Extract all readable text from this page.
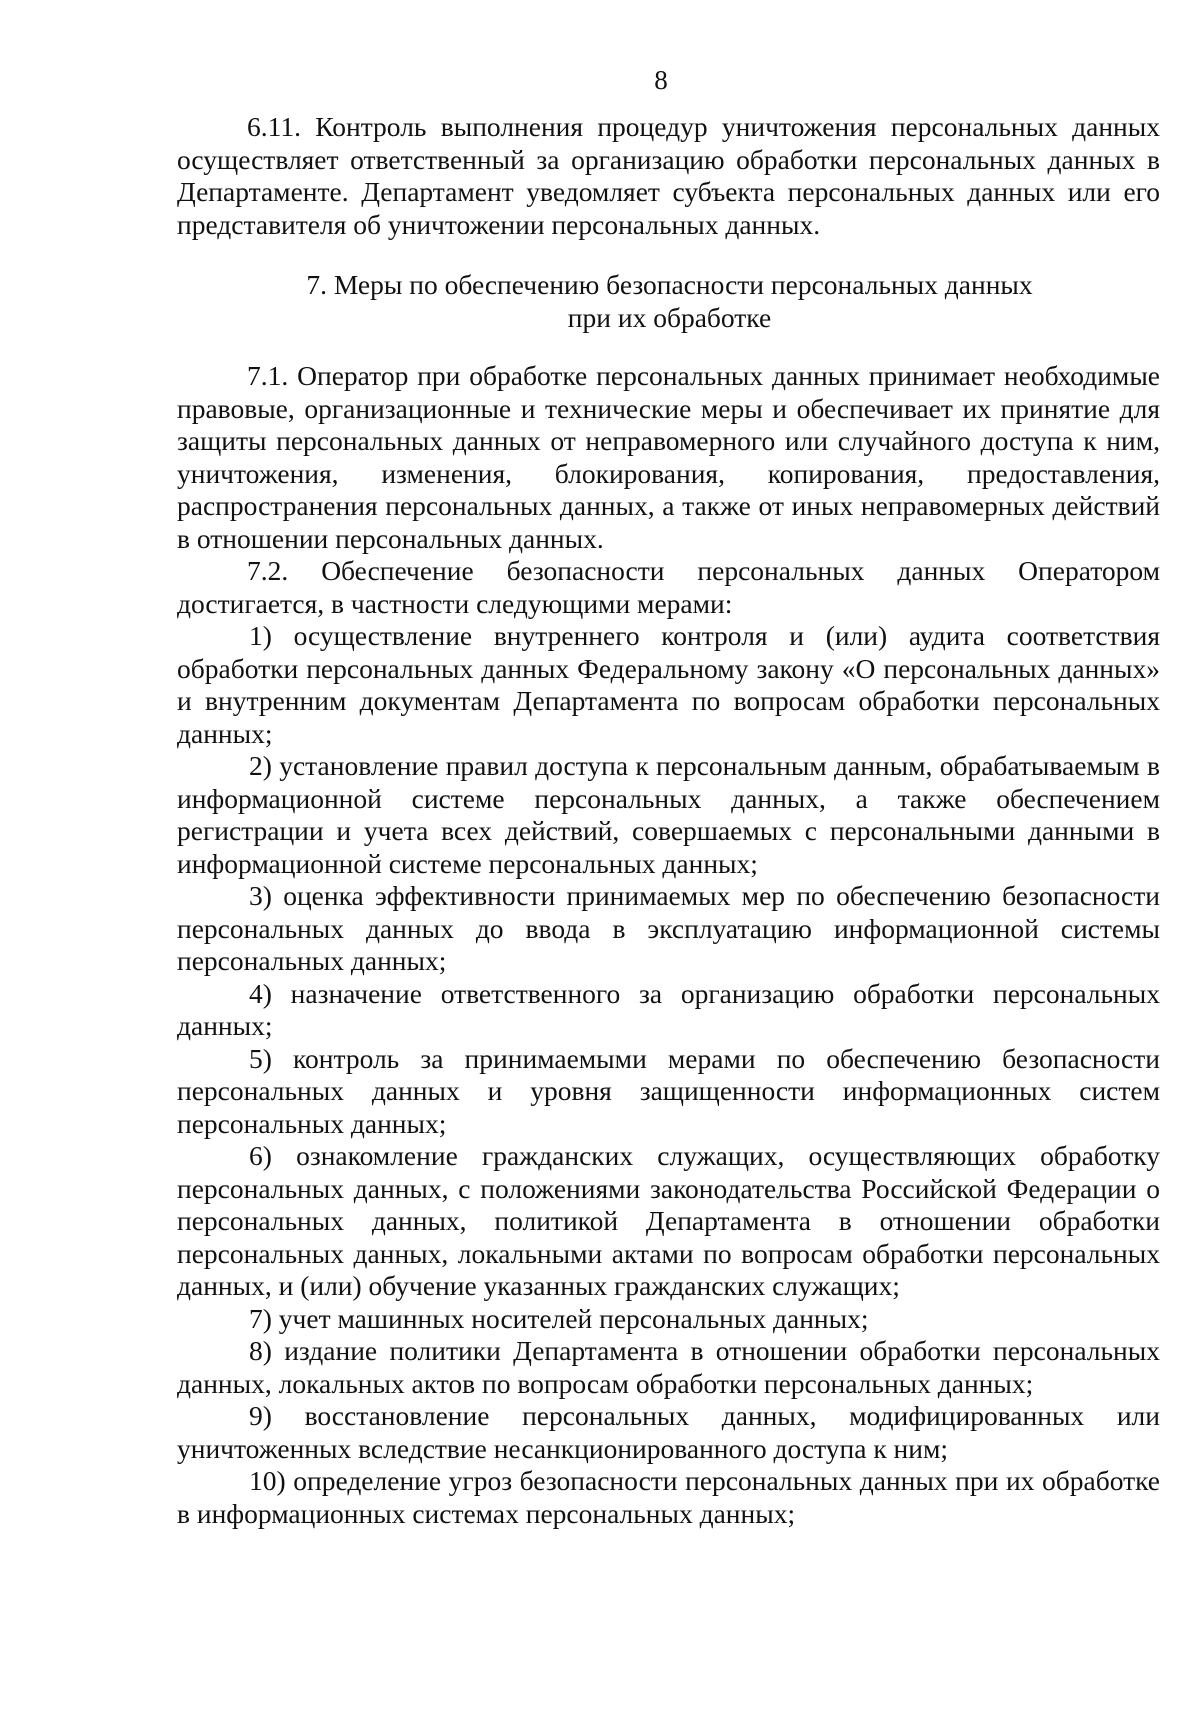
8

6.11. Контроль выполнения процедур уничтожения персональных данных осуществляет ответственный за организацию обработки персональных данных в Департаменте. Департамент уведомляет субъекта персональных данных или его представителя об уничтожении персональных данных.

7. Меры по обеспечению безопасности персональных данных
при их обработке

7.1. Оператор при обработке персональных данных принимает необходимые правовые, организационные и технические меры и обеспечивает их принятие для защиты персональных данных от неправомерного или случайного доступа к ним, уничтожения, изменения, блокирования, копирования, предоставления, распространения персональных данных, а также от иных неправомерных действий в отношении персональных данных.

7.2. Обеспечение безопасности персональных данных Оператором достигается, в частности следующими мерами:

1) осуществление внутреннего контроля и (или) аудита соответствия обработки персональных данных Федеральному закону «О персональных данных» и внутренним документам Департамента по вопросам обработки персональных данных;

2) установление правил доступа к персональным данным, обрабатываемым в информационной системе персональных данных, а также обеспечением регистрации и учета всех действий, совершаемых с персональными данными в информационной системе персональных данных;

3) оценка эффективности принимаемых мер по обеспечению безопасности персональных данных до ввода в эксплуатацию информационной системы персональных данных;

4) назначение ответственного за организацию обработки персональных данных;

5) контроль за принимаемыми мерами по обеспечению безопасности персональных данных и уровня защищенности информационных систем персональных данных;

6) ознакомление гражданских служащих, осуществляющих обработку персональных данных, с положениями законодательства Российской Федерации о персональных данных, политикой Департамента в отношении обработки персональных данных, локальными актами по вопросам обработки персональных данных, и (или) обучение указанных гражданских служащих;

7) учет машинных носителей персональных данных;

8) издание политики Департамента в отношении обработки персональных данных, локальных актов по вопросам обработки персональных данных;

9) восстановление персональных данных, модифицированных или уничтоженных вследствие несанкционированного доступа к ним;

10) определение угроз безопасности персональных данных при их обработке в информационных системах персональных данных;
